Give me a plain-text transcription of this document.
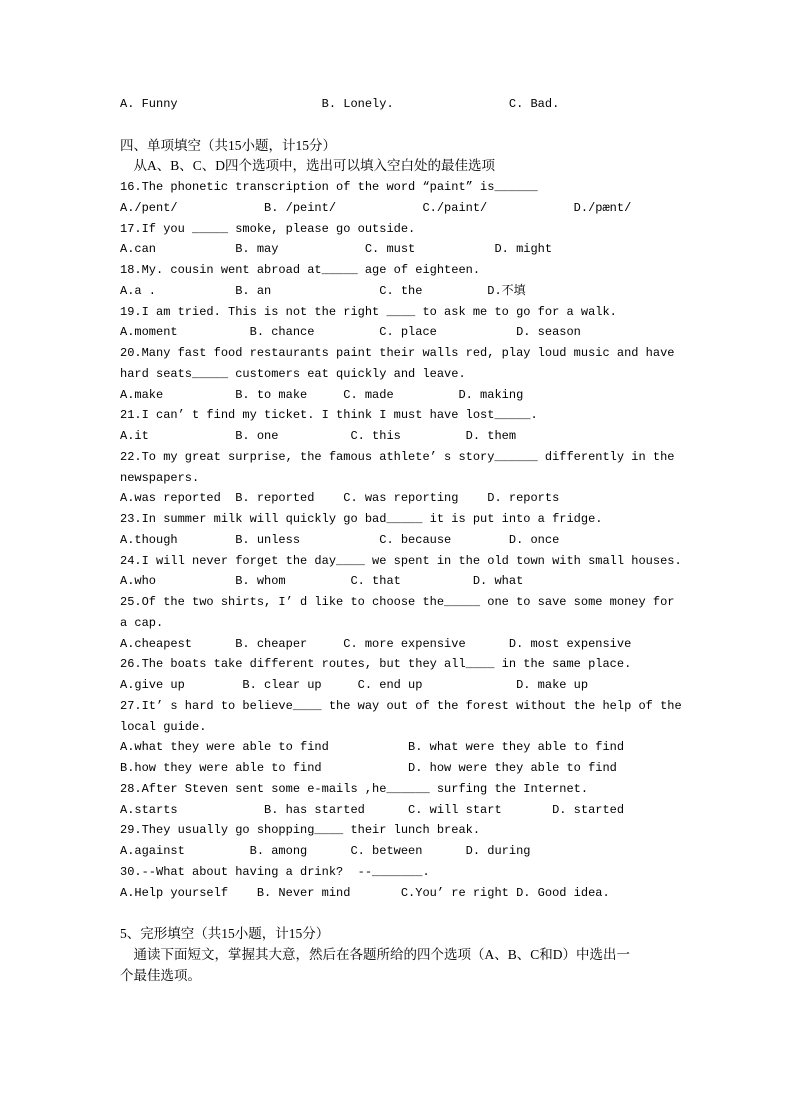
A. Funny                    B. Lonely.                C. Bad.
四、单项填空（共15小题，计15分）
从A、B、C、D四个选项中，选出可以填入空白处的最佳选项
16.The phonetic transcription of the word “paint” is______
A./pent/            B. /peint/            C./paint/            D./pænt/
17.If you _____ smoke, please go outside.
A.can           B. may            C. must           D. might
18.My. cousin went abroad at_____ age of eighteen.
A.a .           B. an               C. the         D.不填
19.I am tried. This is not the right ____ to ask me to go for a walk.
A.moment          B. chance         C. place           D. season
20.Many fast food restaurants paint their walls red, play loud music and have
hard seats_____ customers eat quickly and leave.
A.make          B. to make     C. made         D. making
21.I can’ t find my ticket. I think I must have lost_____.
A.it            B. one          C. this         D. them
22.To my great surprise, the famous athlete’ s story______ differently in the
newspapers.
A.was reported  B. reported    C. was reporting    D. reports
23.In summer milk will quickly go bad_____ it is put into a fridge.
A.though        B. unless           C. because        D. once
24.I will never forget the day____ we spent in the old town with small houses.
A.who           B. whom         C. that          D. what
25.Of the two shirts, I’ d like to choose the_____ one to save some money for
a cap.
A.cheapest      B. cheaper     C. more expensive      D. most expensive
26.The boats take different routes, but they all____ in the same place.
A.give up        B. clear up     C. end up             D. make up
27.It’ s hard to believe____ the way out of the forest without the help of the
local guide.
A.what they were able to find           B. what were they able to find
B.how they were able to find            D. how were they able to find
28.After Steven sent some e-mails ,he______ surfing the Internet.
A.starts            B. has started      C. will start       D. started
29.They usually go shopping____ their lunch break.
A.against         B. among      C. between      D. during
30.--What about having a drink?  --_______.
A.Help yourself    B. Never mind       C.You’ re right D. Good idea.
5、完形填空（共15小题，计15分）
通读下面短文，掌握其大意，然后在各题所给的四个选项（A、B、C和D）中选出一
个最佳选项。
